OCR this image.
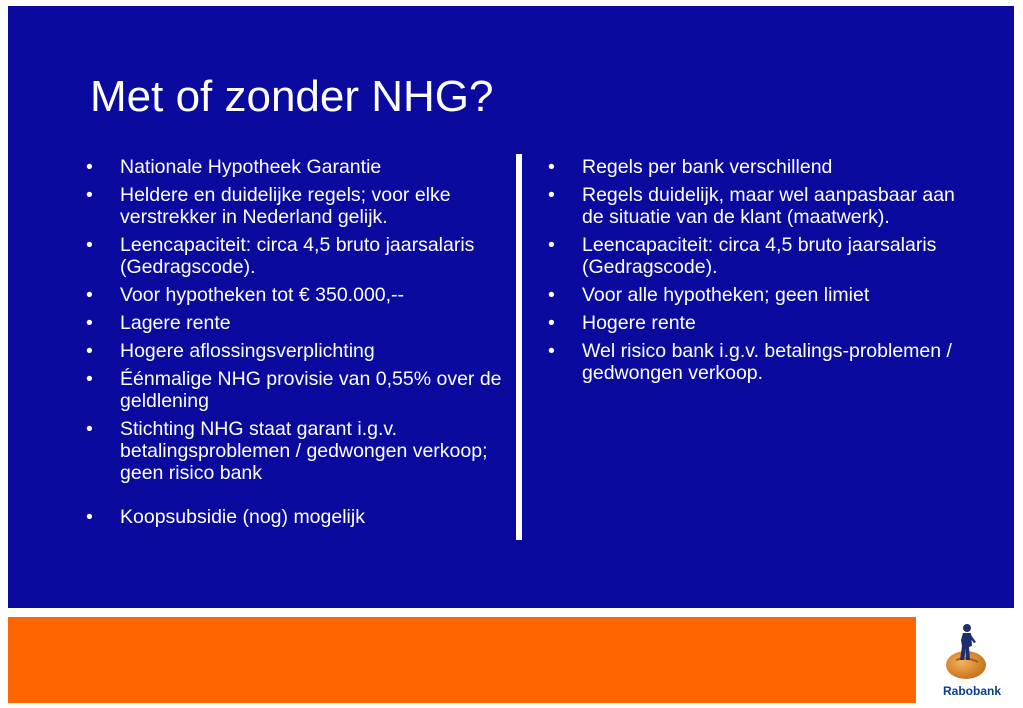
Met of zonder NHG?
• Nationale Hypotheek Garantie
• Heldere en duidelijke regels; voor elke verstrekker in Nederland gelijk.
• Leencapaciteit: circa 4,5 bruto jaarsalaris (Gedragscode).
• Voor hypotheken tot € 350.000,--
• Lagere rente
• Hogere aflossingsverplichting
• Éénmalige NHG provisie van 0,55% over de geldlening
• Stichting NHG staat garant i.g.v. betalingsproblemen / gedwongen verkoop; geen risico bank
• Koopsubsidie (nog) mogelijk
• Regels per bank verschillend
• Regels duidelijk, maar wel aanpasbaar aan de situatie van de klant (maatwerk).
• Leencapaciteit: circa 4,5 bruto jaarsalaris (Gedragscode).
• Voor alle hypotheken; geen limiet
• Hogere rente
• Wel risico bank i.g.v. betalings-problemen / gedwongen verkoop.
Rabobank
